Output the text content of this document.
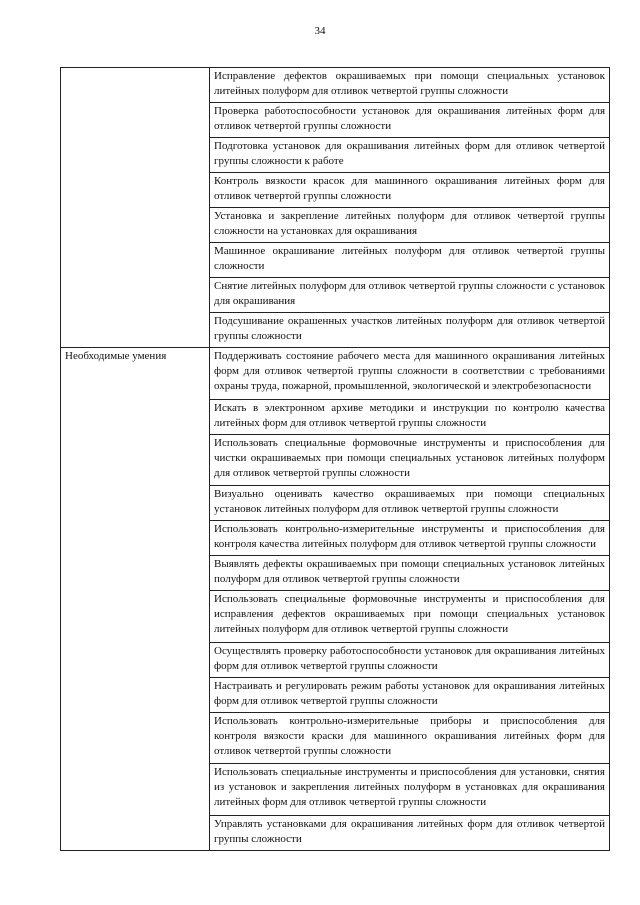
34
	Исправление дефектов окрашиваемых при помощи специальных установок литейных полуформ для отливок четвертой группы сложности
	Проверка работоспособности установок для окрашивания литейных форм для отливок четвертой группы сложности
	Подготовка установок для окрашивания литейных форм для отливок четвертой группы сложности к работе
	Контроль вязкости красок для машинного окрашивания литейных форм для отливок четвертой группы сложности
	Установка и закрепление литейных полуформ для отливок четвертой группы сложности на установках для окрашивания
	Машинное окрашивание литейных полуформ для отливок четвертой группы сложности
	Снятие литейных полуформ для отливок четвертой группы сложности с установок для окрашивания
	Подсушивание окрашенных участков литейных полуформ для отливок четвертой группы сложности
Необходимые умения	Поддерживать состояние рабочего места для машинного окрашивания литейных форм для отливок четвертой группы сложности в соответствии с требованиями охраны труда, пожарной, промышленной, экологической и электробезопасности
	Искать в электронном архиве методики и инструкции по контролю качества литейных форм для отливок четвертой группы сложности
	Использовать специальные формовочные инструменты и приспособления для чистки окрашиваемых при помощи специальных установок литейных полуформ для отливок четвертой группы сложности
	Визуально оценивать качество окрашиваемых при помощи специальных установок литейных полуформ для отливок четвертой группы сложности
	Использовать контрольно-измерительные инструменты и приспособления для контроля качества литейных полуформ для отливок четвертой группы сложности
	Выявлять дефекты окрашиваемых при помощи специальных установок литейных полуформ для отливок четвертой группы сложности
	Использовать специальные формовочные инструменты и приспособления для исправления дефектов окрашиваемых при помощи специальных установок литейных полуформ для отливок четвертой группы сложности
	Осуществлять проверку работоспособности установок для окрашивания литейных форм для отливок четвертой группы сложности
	Настраивать и регулировать режим работы установок для окрашивания литейных форм для отливок четвертой группы сложности
	Использовать контрольно-измерительные приборы и приспособления для контроля вязкости краски для машинного окрашивания литейных форм для отливок четвертой группы сложности
	Использовать специальные инструменты и приспособления для установки, снятия из установок и закрепления литейных полуформ в установках для окрашивания литейных форм для отливок четвертой группы сложности
	Управлять установками для окрашивания литейных форм для отливок четвертой группы сложности
